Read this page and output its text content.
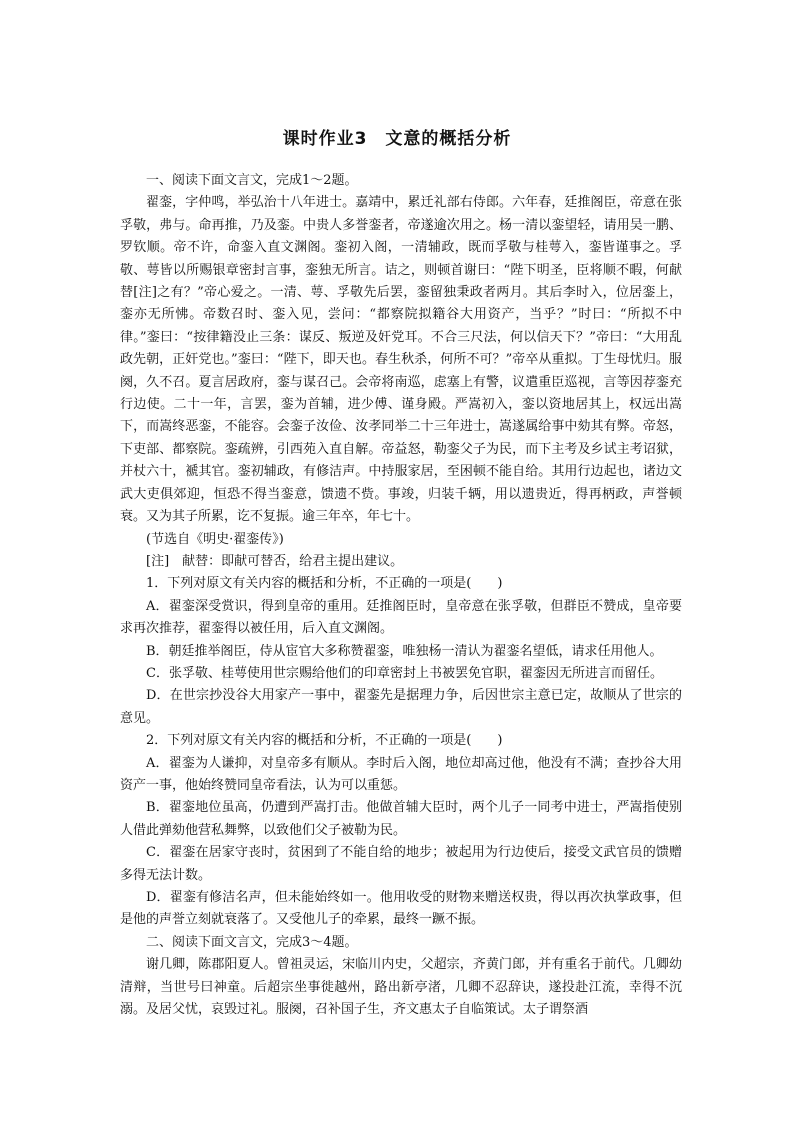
课时作业3　文意的概括分析

一、阅读下面文言文，完成1～2题。

翟銮，字仲鸣，举弘治十八年进士。嘉靖中，累迁礼部右侍郎。六年春，廷推阁臣，帝意在张孚敬，弗与。命再推，乃及銮。中贵人多誉銮者，帝遂逾次用之。杨一清以銮望轻，请用吴一鹏、罗钦顺。帝不许，命銮入直文渊阁。銮初入阁，一清辅政，既而孚敬与桂萼入，銮皆谨事之。孚敬、萼皆以所赐银章密封言事，銮独无所言。诘之，则顿首谢曰：“陛下明圣，臣将顺不暇，何献替[注]之有？”帝心爱之。一清、萼、孚敬先后罢，銮留独秉政者两月。其后李时入，位居銮上，銮亦无所怫。帝数召时、銮入见，尝问：“都察院拟籍谷大用资产，当乎？”时曰：“所拟不中律。”銮曰：“按律籍没止三条：谋反、叛逆及奸党耳。不合三尺法，何以信天下？”帝曰：“大用乱政先朝，正奸党也。”銮曰：“陛下，即天也。春生秋杀，何所不可？”帝卒从重拟。丁生母忧归。服阕，久不召。夏言居政府，銮与谋召己。会帝将南巡，虑塞上有警，议遣重臣巡视，言等因荐銮充行边使。二十一年，言罢，銮为首辅，进少傅、谨身殿。严嵩初入，銮以资地居其上，权远出嵩下，而嵩终恶銮，不能容。会銮子汝俭、汝孝同举二十三年进士，嵩遂属给事中劾其有弊。帝怒，下吏部、都察院。銮疏辨，引西苑入直自解。帝益怒，勒銮父子为民，而下主考及乡试主考诏狱，并杖六十，褫其官。銮初辅政，有修洁声。中持服家居，至困顿不能自给。其用行边起也，诸边文武大吏俱郊迎，恒恐不得当銮意，馈遗不赀。事竣，归装千辆，用以遗贵近，得再柄政，声誉顿衰。又为其子所累，讫不复振。逾三年卒，年七十。

(节选自《明史·翟銮传》)

[注]　献替：即献可替否，给君主提出建议。

1．下列对原文有关内容的概括和分析，不正确的一项是(　　)

A．翟銮深受赏识，得到皇帝的重用。廷推阁臣时，皇帝意在张孚敬，但群臣不赞成，皇帝要求再次推荐，翟銮得以被任用，后入直文渊阁。

B．朝廷推举阁臣，侍从宦官大多称赞翟銮，唯独杨一清认为翟銮名望低，请求任用他人。

C．张孚敬、桂萼使用世宗赐给他们的印章密封上书被罢免官职，翟銮因无所进言而留任。

D．在世宗抄没谷大用家产一事中，翟銮先是据理力争，后因世宗主意已定，故顺从了世宗的意见。

2．下列对原文有关内容的概括和分析，不正确的一项是(　　)

A．翟銮为人谦抑，对皇帝多有顺从。李时后入阁，地位却高过他，他没有不满；查抄谷大用资产一事，他始终赞同皇帝看法，认为可以重惩。

B．翟銮地位虽高，仍遭到严嵩打击。他做首辅大臣时，两个儿子一同考中进士，严嵩指使别人借此弹劾他营私舞弊，以致他们父子被勒为民。

C．翟銮在居家守丧时，贫困到了不能自给的地步；被起用为行边使后，接受文武官员的馈赠多得无法计数。

D．翟銮有修洁名声，但未能始终如一。他用收受的财物来赠送权贵，得以再次执掌政事，但是他的声誉立刻就衰落了。又受他儿子的牵累，最终一蹶不振。

二、阅读下面文言文，完成3～4题。

谢几卿，陈郡阳夏人。曾祖灵运，宋临川内史，父超宗，齐黄门郎，并有重名于前代。几卿幼清辩，当世号曰神童。后超宗坐事徙越州，路出新亭渚，几卿不忍辞诀，遂投赴江流，幸得不沉溺。及居父忧，哀毁过礼。服阕，召补国子生，齐文惠太子自临策试。太子谓祭酒
